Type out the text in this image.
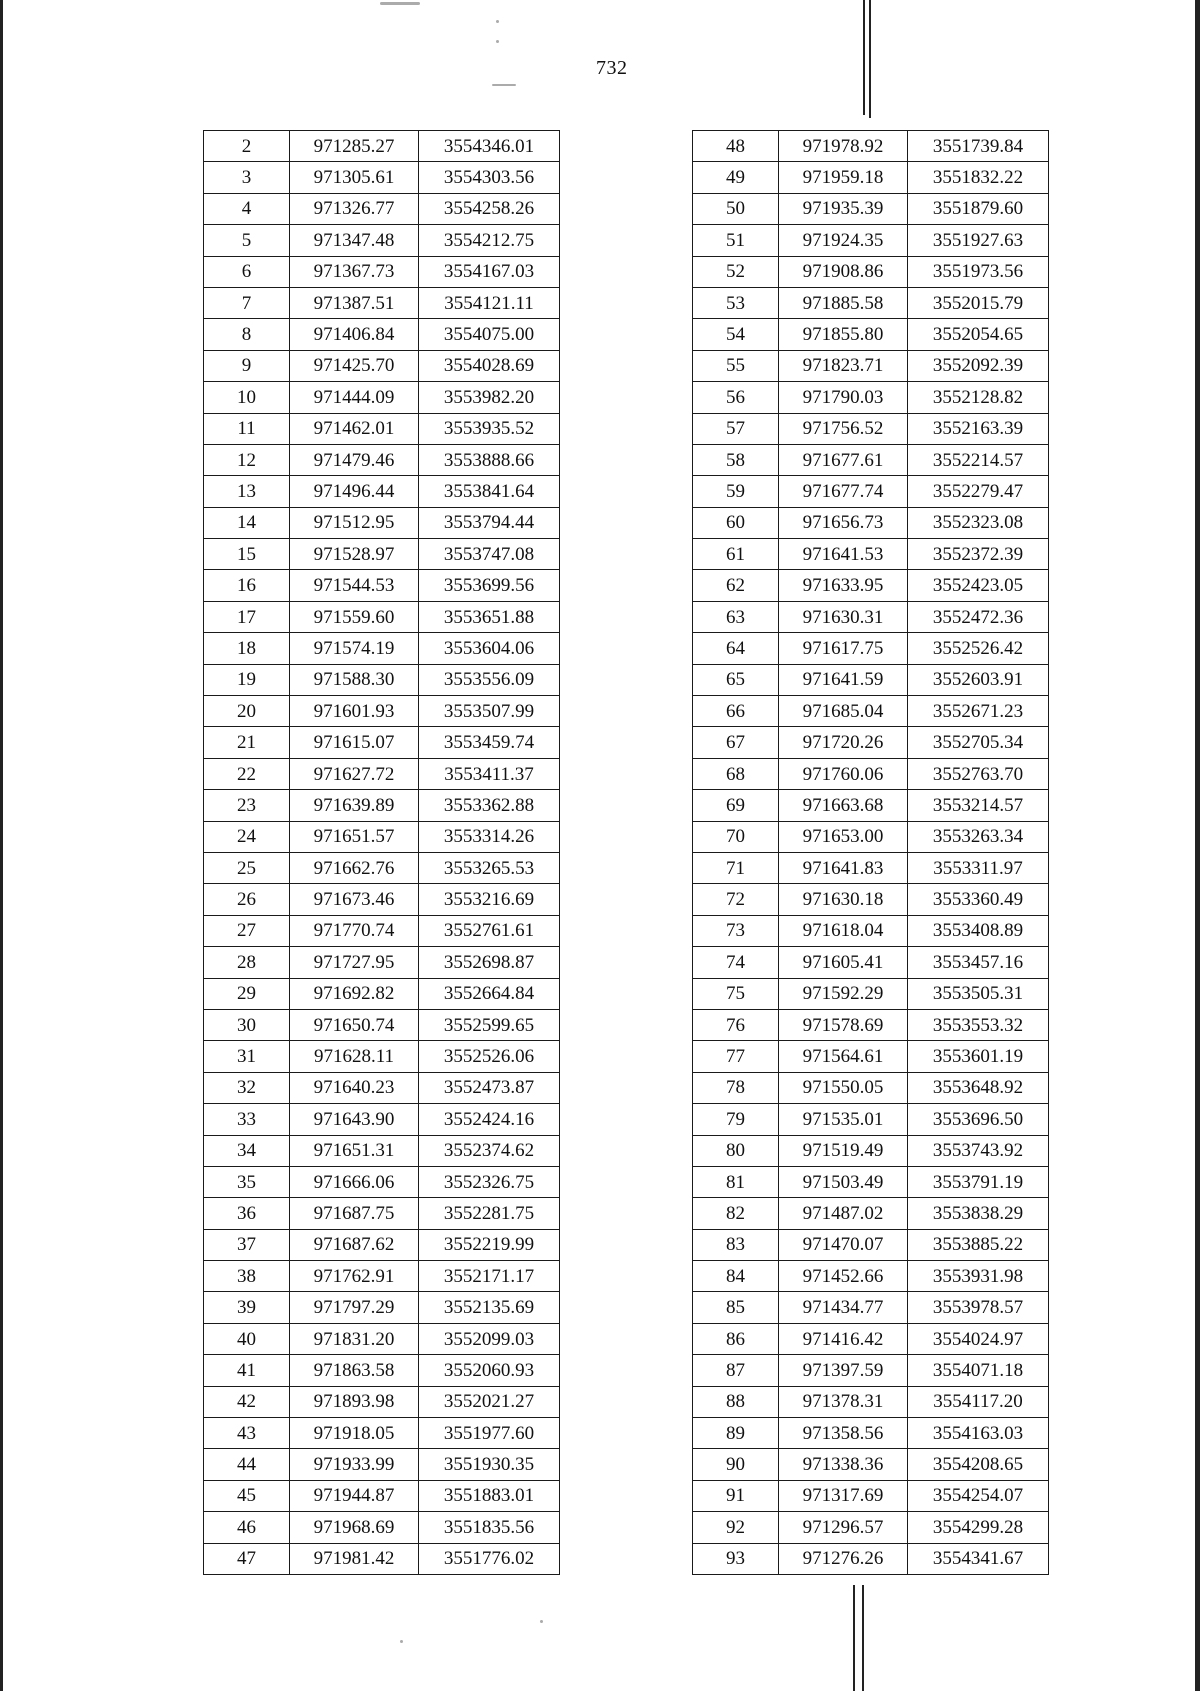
732
2	971285.27	3554346.01
3	971305.61	3554303.56
4	971326.77	3554258.26
5	971347.48	3554212.75
6	971367.73	3554167.03
7	971387.51	3554121.11
8	971406.84	3554075.00
9	971425.70	3554028.69
10	971444.09	3553982.20
11	971462.01	3553935.52
12	971479.46	3553888.66
13	971496.44	3553841.64
14	971512.95	3553794.44
15	971528.97	3553747.08
16	971544.53	3553699.56
17	971559.60	3553651.88
18	971574.19	3553604.06
19	971588.30	3553556.09
20	971601.93	3553507.99
21	971615.07	3553459.74
22	971627.72	3553411.37
23	971639.89	3553362.88
24	971651.57	3553314.26
25	971662.76	3553265.53
26	971673.46	3553216.69
27	971770.74	3552761.61
28	971727.95	3552698.87
29	971692.82	3552664.84
30	971650.74	3552599.65
31	971628.11	3552526.06
32	971640.23	3552473.87
33	971643.90	3552424.16
34	971651.31	3552374.62
35	971666.06	3552326.75
36	971687.75	3552281.75
37	971687.62	3552219.99
38	971762.91	3552171.17
39	971797.29	3552135.69
40	971831.20	3552099.03
41	971863.58	3552060.93
42	971893.98	3552021.27
43	971918.05	3551977.60
44	971933.99	3551930.35
45	971944.87	3551883.01
46	971968.69	3551835.56
47	971981.42	3551776.02
48	971978.92	3551739.84
49	971959.18	3551832.22
50	971935.39	3551879.60
51	971924.35	3551927.63
52	971908.86	3551973.56
53	971885.58	3552015.79
54	971855.80	3552054.65
55	971823.71	3552092.39
56	971790.03	3552128.82
57	971756.52	3552163.39
58	971677.61	3552214.57
59	971677.74	3552279.47
60	971656.73	3552323.08
61	971641.53	3552372.39
62	971633.95	3552423.05
63	971630.31	3552472.36
64	971617.75	3552526.42
65	971641.59	3552603.91
66	971685.04	3552671.23
67	971720.26	3552705.34
68	971760.06	3552763.70
69	971663.68	3553214.57
70	971653.00	3553263.34
71	971641.83	3553311.97
72	971630.18	3553360.49
73	971618.04	3553408.89
74	971605.41	3553457.16
75	971592.29	3553505.31
76	971578.69	3553553.32
77	971564.61	3553601.19
78	971550.05	3553648.92
79	971535.01	3553696.50
80	971519.49	3553743.92
81	971503.49	3553791.19
82	971487.02	3553838.29
83	971470.07	3553885.22
84	971452.66	3553931.98
85	971434.77	3553978.57
86	971416.42	3554024.97
87	971397.59	3554071.18
88	971378.31	3554117.20
89	971358.56	3554163.03
90	971338.36	3554208.65
91	971317.69	3554254.07
92	971296.57	3554299.28
93	971276.26	3554341.67
